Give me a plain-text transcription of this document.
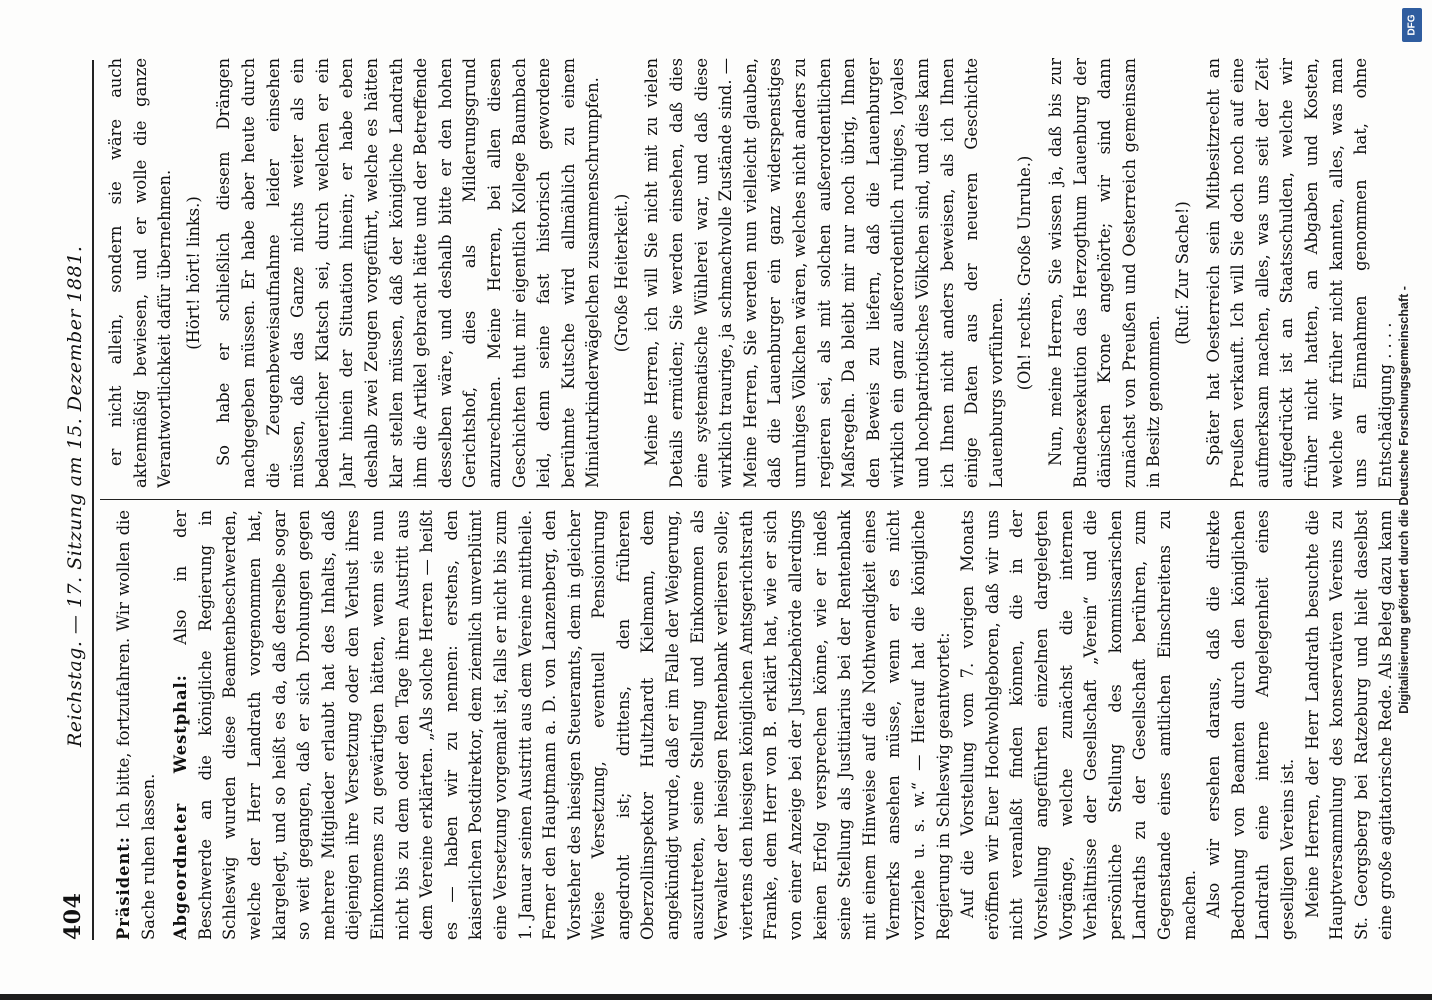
404
Reichstag. — 17. Sitzung am 15. Dezember 1881.

Präsident: Ich bitte, fortzufahren. Wir wollen die Sache ruhen lassen. Abgeordneter Westphal: Also in der Beschwerde an die königliche Regierung in Schleswig wurden diese Beamtenbeschwerden, welche der Herr Landrath vorgenommen hat, klargelegt, und so heißt es da, daß derselbe sogar so weit gegangen, daß er sich Drohungen gegen mehrere Mitglieder erlaubt hat des Inhalts, daß diejenigen ihre Versetzung oder den Verlust ihres Einkommens zu gewärtigen hätten, wenn sie nun nicht bis zu dem oder den Tage ihren Austritt aus dem Vereine erklärten. „Als solche Herren — heißt es — haben wir zu nennen: erstens, den kaiserlichen Postdirektor, dem ziemlich unverblümt eine Versetzung vorgemalt ist, falls er nicht bis zum 1. Januar seinen Austritt aus dem Vereine mittheile. Ferner den Hauptmann a. D. von Lanzenberg, den Vorsteher des hiesigen Steueramts, dem in gleicher Weise Versetzung, eventuell Pensionirung angedroht ist; drittens, den früheren Oberzollinspektor Hultzhardt Kielmann, dem angekündigt wurde, daß er im Falle der Weigerung, auszutreten, seine Stellung und Einkommen als Verwalter der hiesigen Rentenbank verlieren solle; viertens den hiesigen königlichen Amtsgerichtsrath Franke, dem Herr von B. erklärt hat, wie er sich von einer Anzeige bei der Justizbehörde allerdings keinen Erfolg versprechen könne, wie er indeß seine Stellung als Justitiarius bei der Rentenbank mit einem Hinweise auf die Nothwendigkeit eines Vermerks ansehen müsse, wenn er es nicht vorziehe u. s. w.“ — Hierauf hat die königliche Regierung in Schleswig geantwortet: Auf die Vorstellung vom 7. vorigen Monats eröffnen wir Euer Hochwohlgeboren, daß wir uns nicht veranlaßt finden können, die in der Vorstellung angeführten einzelnen dargelegten Vorgänge, welche zunächst die internen Verhältnisse der Gesellschaft „Verein“ und die persönliche Stellung des kommissarischen Landraths zu der Gesellschaft berühren, zum Gegenstande eines amtlichen Einschreitens zu machen. Also wir ersehen daraus, daß die direkte Bedrohung von Beamten durch den königlichen Landrath eine interne Angelegenheit eines geselligen Vereins ist. Meine Herren, der Herr Landrath besuchte die Hauptversammlung des konservativen Vereins zu St. Georgsberg bei Ratzeburg und hielt daselbst eine große agitatorische Rede. Als Beleg dazu kann

er nicht allein, sondern sie wäre auch aktenmäßig bewiesen, und er wolle die ganze Verantwortlichkeit dafür übernehmen. (Hört! hört! links.) So habe er schließlich diesem Drängen nachgegeben müssen. Er habe aber heute durch die Zeugenbeweisaufnahme leider einsehen müssen, daß das Ganze nichts weiter als ein bedauerlicher Klatsch sei, durch welchen er ein Jahr hinein der Situation hinein; er habe eben deshalb zwei Zeugen vorgeführt, welche es hätten klar stellen müssen, daß der königliche Landrath ihm die Artikel gebracht hätte und der Betreffende desselben wäre, und deshalb bitte er den hohen Gerichtshof, dies als Milderungsgrund anzurechnen. Meine Herren, bei allen diesen Geschichten thut mir eigentlich Kollege Baumbach leid, denn seine fast historisch gewordene berühmte Kutsche wird allmählich zu einem Miniaturkinderwägelchen zusammenschrumpfen. (Große Heiterkeit.) Meine Herren, ich will Sie nicht mit zu vielen Details ermüden; Sie werden einsehen, daß dies eine systematische Wühlerei war, und daß diese wirklich traurige, ja schmachvolle Zustände sind. — Meine Herren, Sie werden nun vielleicht glauben, daß die Lauenburger ein ganz widerspenstiges unruhiges Völkchen wären, welches nicht anders zu regieren sei, als mit solchen außerordentlichen Maßregeln. Da bleibt mir nur noch übrig, Ihnen den Beweis zu liefern, daß die Lauenburger wirklich ein ganz außerordentlich ruhiges, loyales und hochpatriotisches Völkchen sind, und dies kann ich Ihnen nicht anders beweisen, als ich Ihnen einige Daten aus der neueren Geschichte Lauenburgs vorführen.

(Oh! rechts. Große Unruhe.) Nun, meine Herren, Sie wissen ja, daß bis zur Bundesexekution das Herzogthum Lauenburg der dänischen Krone angehörte; wir sind dann zunächst von Preußen und Oesterreich gemeinsam in Besitz genommen.

(Ruf: Zur Sache!) Später hat Oesterreich sein Mitbesitzrecht an Preußen verkauft. Ich will Sie doch noch auf eine aufmerksam machen, alles, was uns seit der Zeit aufgedrückt ist an Staatsschulden, welche wir früher nicht hatten, an Abgaben und Kosten, welche wir früher nicht kannten, alles, was man uns an Einnahmen genommen hat, ohne Entschädigung . . . . Digitalisierung gefördert durch die Deutsche Forschungsgemeinschaft -
DFG
